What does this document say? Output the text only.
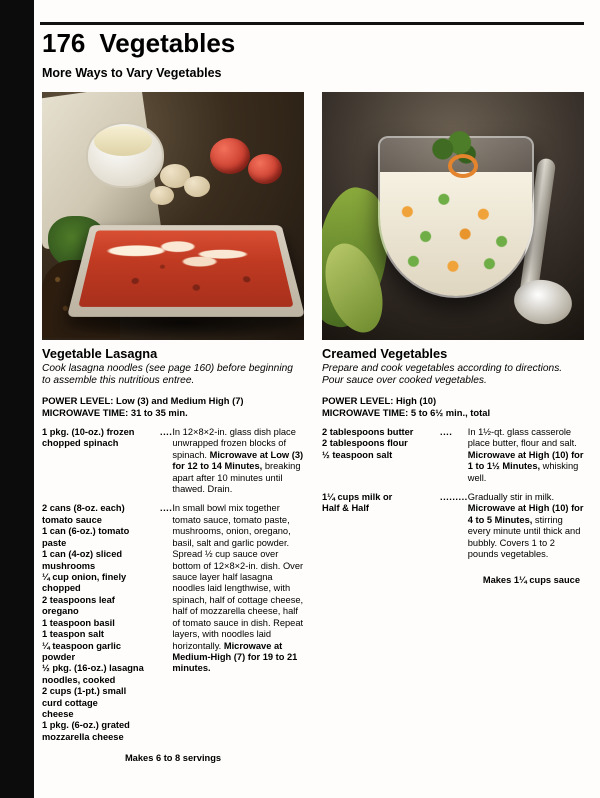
176 Vegetables
More Ways to Vary Vegetables
Vegetable Lasagna
Cook lasagna noodles (see page 160) before beginning to assemble this nutritious entree.
POWER LEVEL: Low (3) and Medium High (7)
MICROWAVE TIME: 31 to 35 min.
1 pkg. (10-oz.) frozen
chopped spinach	....	In 12×8×2-in. glass dish place unwrapped frozen blocks of spinach. Microwave at Low (3) for 12 to 14 Minutes, breaking apart after 10 minutes until thawed. Drain.

2 cans (8-oz. each)
tomato sauce
1 can (6-oz.) tomato
paste
1 can (4-oz) sliced
mushrooms
¼ cup onion, finely
chopped
2 teaspoons leaf
oregano
1 teaspoon basil
1 teaspon salt
¼ teaspoon garlic
powder
½ pkg. (16-oz.) lasagna
noodles, cooked
2 cups (1-pt.) small
curd cottage
cheese
1 pkg. (6-oz.) grated
mozzarella cheese
	....	In small bowl mix together tomato sauce, tomato paste, mushrooms, onion, oregano, basil, salt and garlic powder. Spread ½ cup sauce over bottom of 12×8×2-in. dish. Over sauce layer half lasagna noodles laid lengthwise, with spinach, half of cottage cheese, half of mozzarella cheese, half of tomato sauce in dish. Repeat layers, with noodles laid horizontally. Microwave at Medium-High (7) for 19 to 21 minutes.
Makes 6 to 8 servings
Creamed Vegetables
Prepare and cook vegetables according to directions. Pour sauce over cooked vegetables.
POWER LEVEL: High (10)
MICROWAVE TIME: 5 to 6½ min., total
2 tablespoons butter
2 tablespoons flour
½ teaspoon salt	....	In 1½-qt. glass casserole place butter, flour and salt. Microwave at High (10) for 1 to 1½ Minutes, whisking well.

1¼ cups milk or
Half & Half	.........	Gradually stir in milk. Microwave at High (10) for 4 to 5 Minutes, stirring every minute until thick and bubbly. Covers 1 to 2 pounds vegetables.
Makes 1¼ cups sauce
